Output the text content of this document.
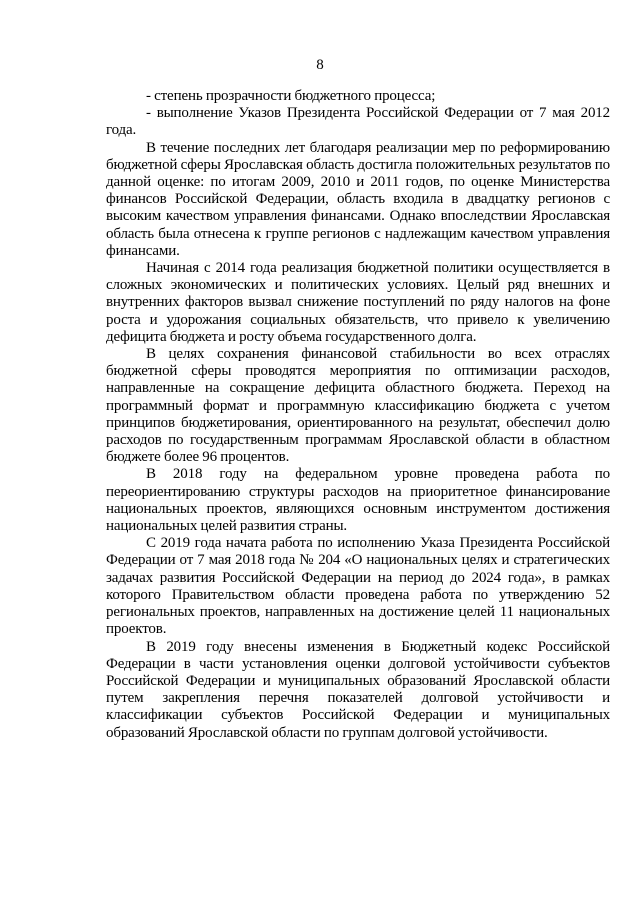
8

- степень прозрачности бюджетного процесса;

- выполнение Указов Президента Российской Федерации от 7 мая 2012 года.

В течение последних лет благодаря реализации мер по реформированию бюджетной сферы Ярославская область достигла положительных результатов по данной оценке: по итогам 2009, 2010 и 2011 годов, по оценке Министерства финансов Российской Федерации, область входила в двадцатку регионов с высоким качеством управления финансами. Однако впоследствии Ярославская область была отнесена к группе регионов с надлежащим качеством управления финансами.

Начиная с 2014 года реализация бюджетной политики осуществляется в сложных экономических и политических условиях. Целый ряд внешних и внутренних факторов вызвал снижение поступлений по ряду налогов на фоне роста и удорожания социальных обязательств, что привело к увеличению дефицита бюджета и росту объема государственного долга.

В целях сохранения финансовой стабильности во всех отраслях бюджетной сферы проводятся мероприятия по оптимизации расходов, направленные на сокращение дефицита областного бюджета. Переход на программный формат и программную классификацию бюджета с учетом принципов бюджетирования, ориентированного на результат, обеспечил долю расходов по государственным программам Ярославской области в областном бюджете более 96 процентов.

В 2018 году на федеральном уровне проведена работа по переориентированию структуры расходов на приоритетное финансирование национальных проектов, являющихся основным инструментом достижения национальных целей развития страны.

С 2019 года начата работа по исполнению Указа Президента Российской Федерации от 7 мая 2018 года № 204 «О национальных целях и стратегических задачах развития Российской Федерации на период до 2024 года», в рамках которого Правительством области проведена работа по утверждению 52 региональных проектов, направленных на достижение целей 11 национальных проектов.

В 2019 году внесены изменения в Бюджетный кодекс Российской Федерации в части установления оценки долговой устойчивости субъектов Российской Федерации и муниципальных образований Ярославской области путем закрепления перечня показателей долговой устойчивости и классификации субъектов Российской Федерации и муниципальных образований Ярославской области по группам долговой устойчивости.
